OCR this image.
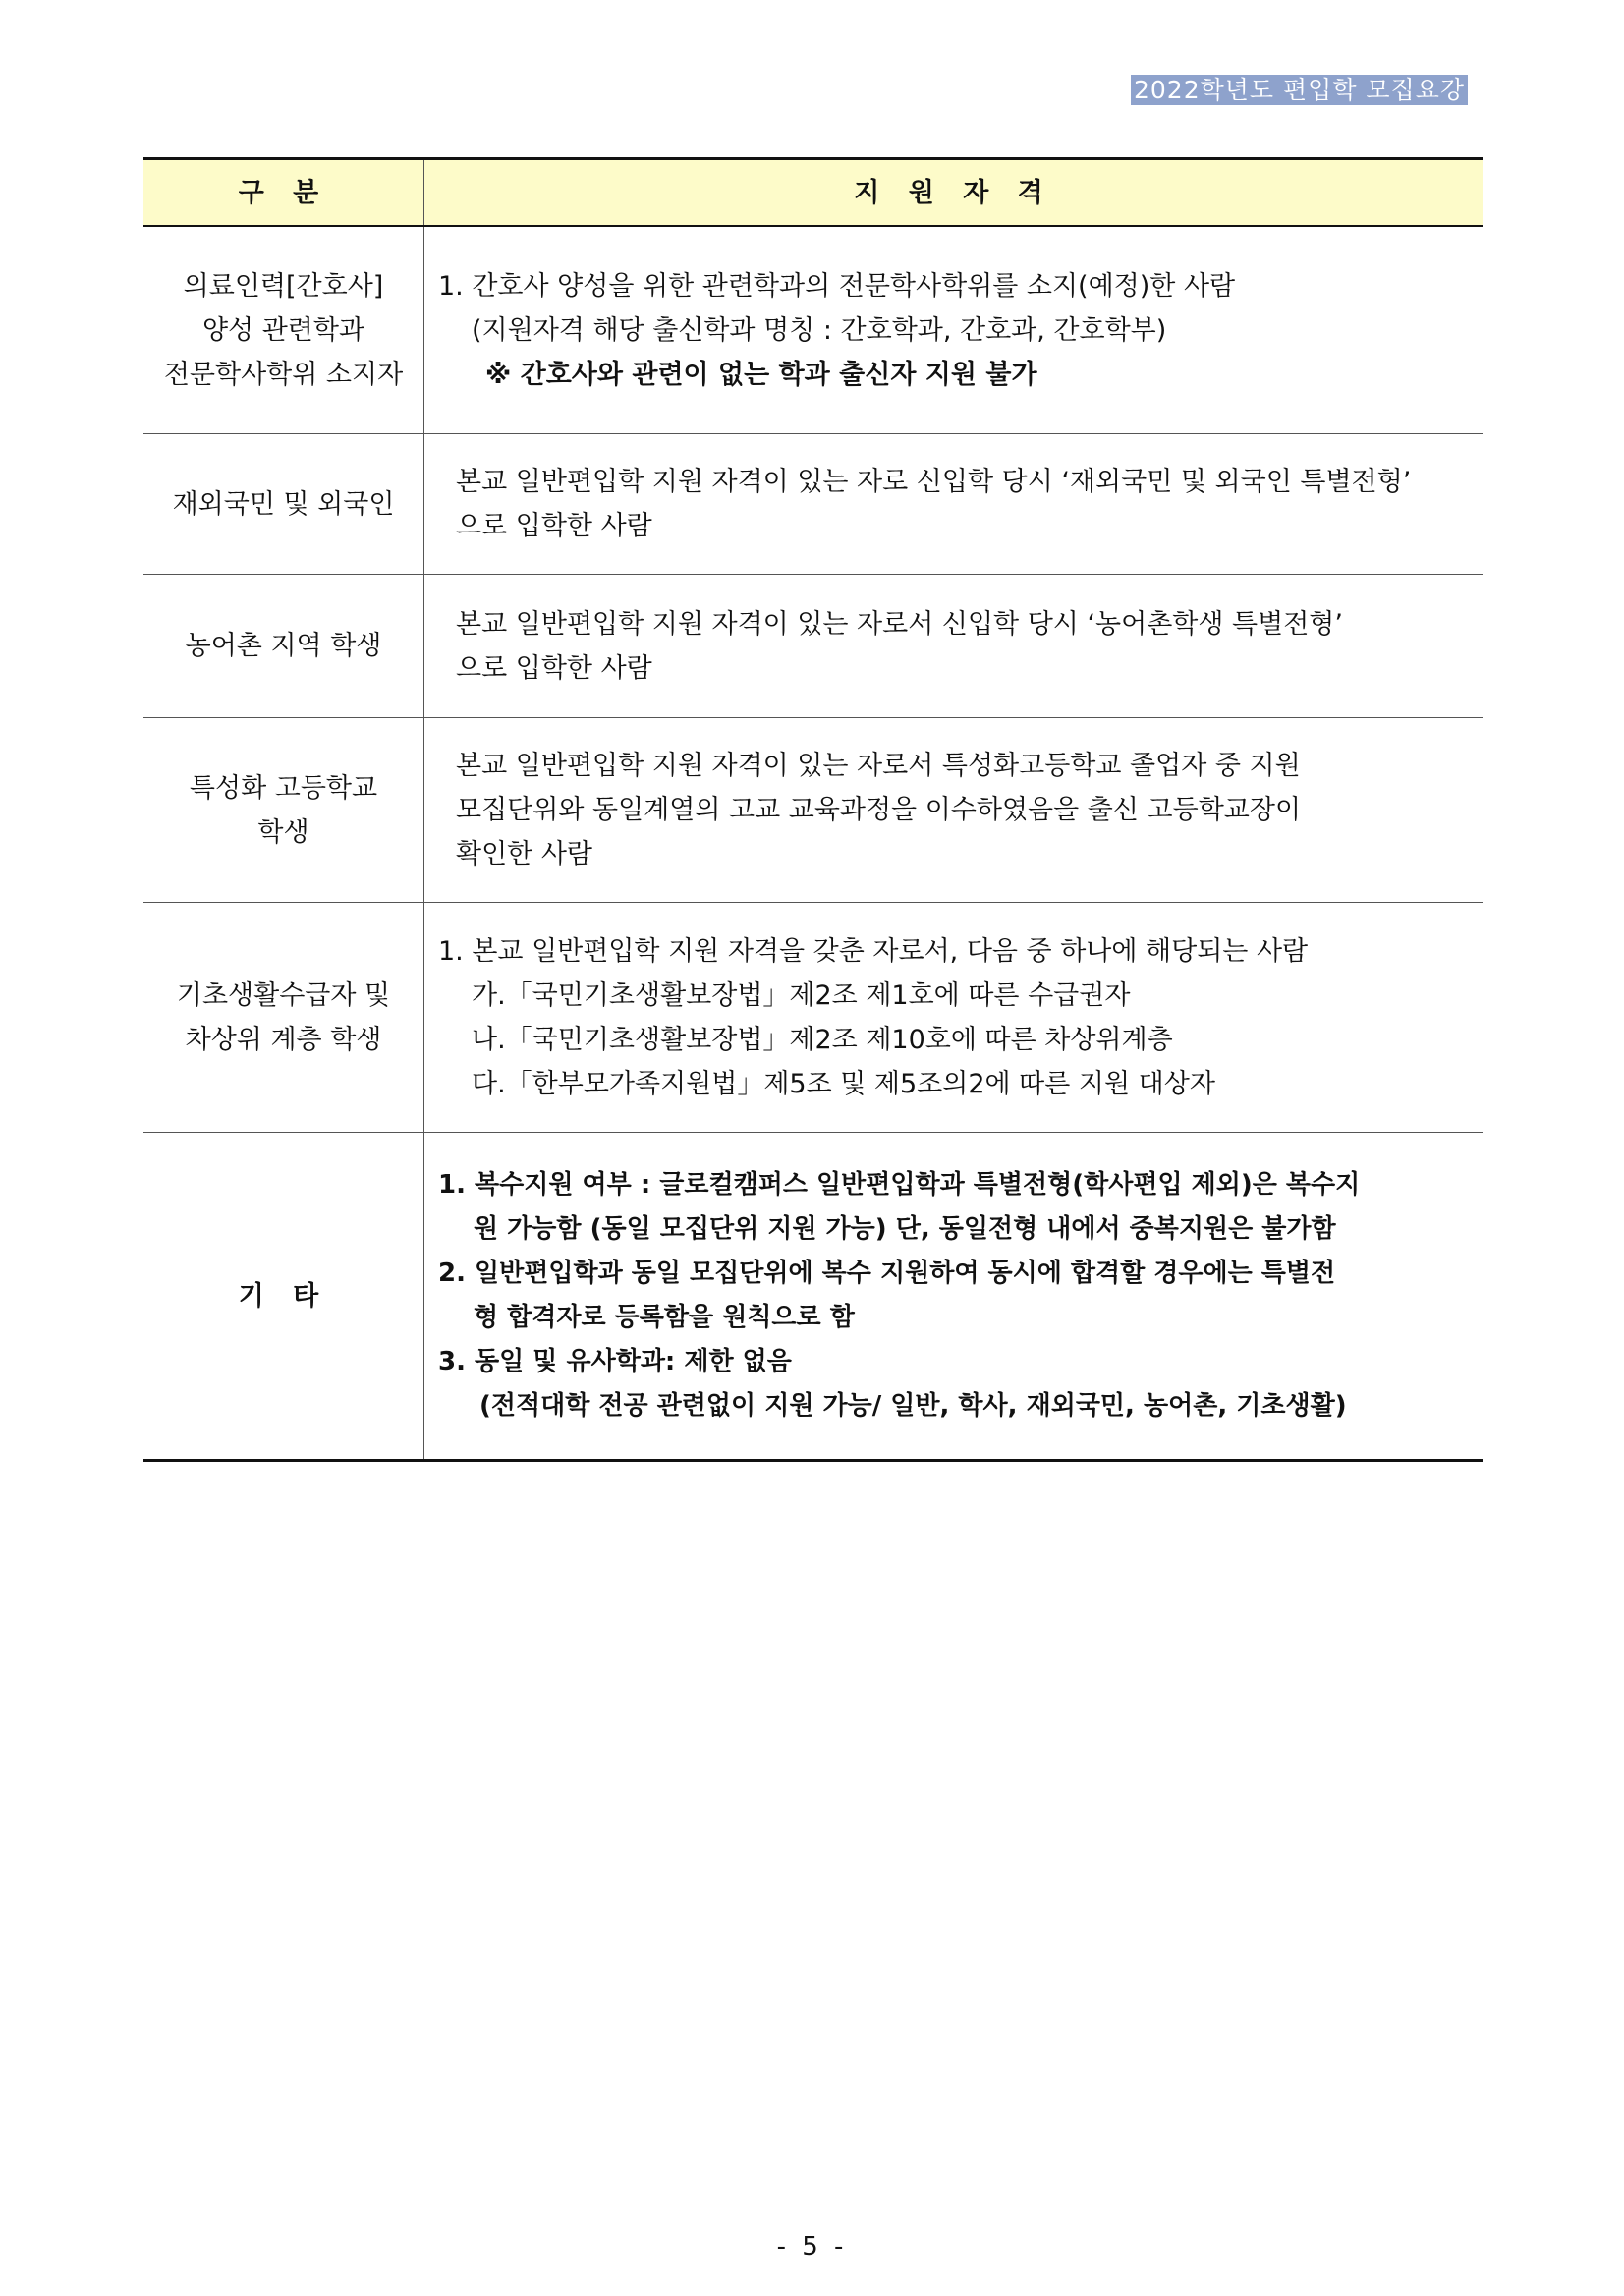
2022학년도 편입학 모집요강
구 분	지 원 자 격
의료인력[간호사]
양성 관련학과
전문학사학위 소지자
1. 간호사 양성을 위한 관련학과의 전문학사학위를 소지(예정)한 사람
(지원자격 해당 출신학과 명칭 : 간호학과, 간호과, 간호학부)
※ 간호사와 관련이 없는 학과 출신자 지원 불가
재외국민 및 외국인
본교 일반편입학 지원 자격이 있는 자로 신입학 당시 ‘재외국민 및 외국인 특별전형’
으로 입학한 사람
농어촌 지역 학생
본교 일반편입학 지원 자격이 있는 자로서 신입학 당시 ‘농어촌학생 특별전형’
으로 입학한 사람
특성화 고등학교
학생
본교 일반편입학 지원 자격이 있는 자로서 특성화고등학교 졸업자 중 지원
모집단위와 동일계열의 고교 교육과정을 이수하였음을 출신 고등학교장이
확인한 사람
기초생활수급자 및
차상위 계층 학생
1. 본교 일반편입학 지원 자격을 갖춘 자로서, 다음 중 하나에 해당되는 사람
가.「국민기초생활보장법」제2조 제1호에 따른 수급권자
나.「국민기초생활보장법」제2조 제10호에 따른 차상위계층
다.「한부모가족지원법」제5조 및 제5조의2에 따른 지원 대상자
기 타
1. 복수지원 여부 : 글로컬캠퍼스 일반편입학과 특별전형(학사편입 제외)은 복수지
원 가능함 (동일 모집단위 지원 가능) 단, 동일전형 내에서 중복지원은 불가함
2. 일반편입학과 동일 모집단위에 복수 지원하여 동시에 합격할 경우에는 특별전
형 합격자로 등록함을 원칙으로 함
3. 동일 및 유사학과: 제한 없음
(전적대학 전공 관련없이 지원 가능/ 일반, 학사, 재외국민, 농어촌, 기초생활)
- 5 -
